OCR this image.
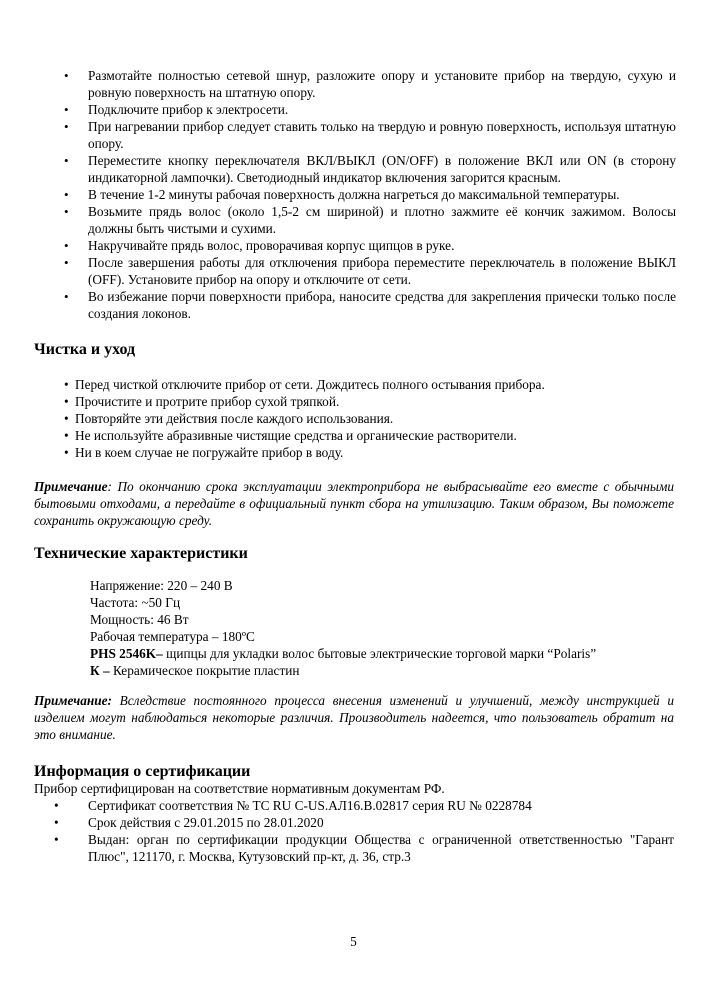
• Размотайте полностью сетевой шнур, разложите опору и установите прибор на твердую, сухую и ровную поверхность на штатную опору.
• Подключите прибор к электросети.
• При нагревании прибор следует ставить только на твердую и ровную поверхность, используя штатную опору.
• Переместите кнопку переключателя ВКЛ/ВЫКЛ (ON/OFF) в положение ВКЛ или ON (в сторону индикаторной лампочки). Светодиодный индикатор включения загорится красным.
• В течение 1-2 минуты рабочая поверхность должна нагреться до максимальной температуры.
• Возьмите прядь волос (около 1,5-2 см шириной) и плотно зажмите её кончик зажимом. Волосы должны быть чистыми и сухими.
• Накручивайте прядь волос, проворачивая корпус щипцов в руке.
• После завершения работы для отключения прибора переместите переключатель в положение ВЫКЛ (OFF). Установите прибор на опору и отключите от сети.
• Во избежание порчи поверхности прибора, наносите средства для закрепления прически только после создания локонов.
Чистка и уход
• Перед чисткой отключите прибор от сети. Дождитесь полного остывания прибора.
• Прочистите и протрите прибор сухой тряпкой.
• Повторяйте эти действия после каждого использования.
• Не используйте абразивные чистящие средства и органические растворители.
• Ни в коем случае не погружайте прибор в воду.
Примечание: По окончанию срока эксплуатации электроприбора не выбрасывайте его вместе с обычными бытовыми отходами, а передайте в официальный пункт сбора на утилизацию. Таким образом, Вы поможете сохранить окружающую среду.
Технические характеристики
Напряжение: 220 – 240 В
Частота: ~50 Гц
Мощность: 46 Вт
Рабочая температура – 180ºС
PHS 2546K– щипцы для укладки волос бытовые электрические торговой марки “Polaris”
К – Керамическое покрытие пластин
Примечание: Вследствие постоянного процесса внесения изменений и улучшений, между инструкцией и изделием могут наблюдаться некоторые различия. Производитель надеется, что пользователь обратит на это внимание.
Информация о сертификации
Прибор сертифицирован на соответствие нормативным документам РФ.
• Сертификат соответствия № ТС RU С-US.АЛ16.В.02817 серия RU № 0228784
• Срок действия с 29.01.2015 по 28.01.2020
• Выдан: орган по сертификации продукции Общества с ограниченной ответственностью "Гарант Плюс", 121170, г. Москва, Кутузовский пр-кт, д. 36, стр.3
5
